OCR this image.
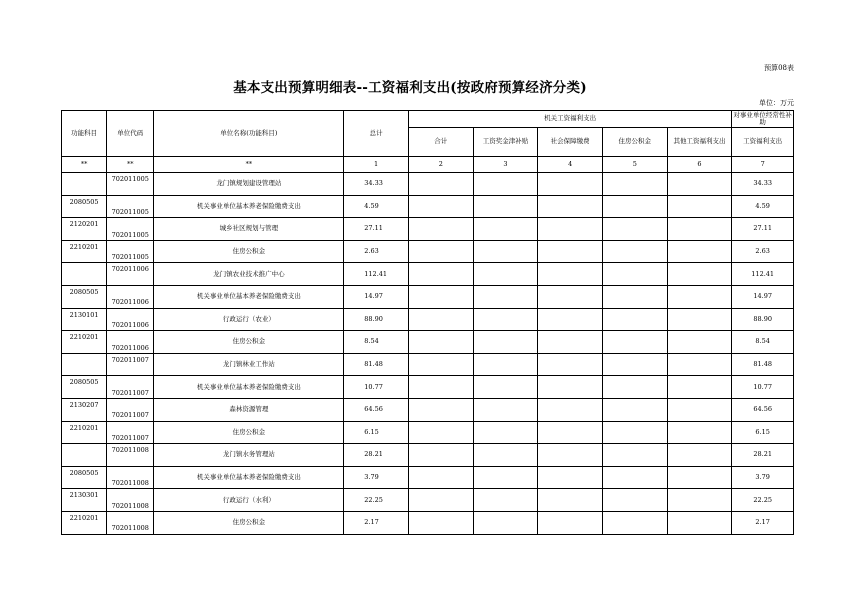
预算08表
基本支出预算明细表--工资福利支出(按政府预算经济分类)
单位：万元
功能科目	单位代码	单位名称(功能科目)	总计	机关工资福利支出					对事业单位经常性补助
				合计	工资奖金津补贴	社会保障缴费	住房公积金	其他工资福利支出	工资福利支出
**	**	**	1	2	3	4	5	6	7
	702011005	龙门镇规划建设管理站	34.33						34.33
2080505	702011005	机关事业单位基本养老保险缴费支出	4.59						4.59
2120201	702011005	城乡社区规划与管理	27.11						27.11
2210201	702011005	住房公积金	2.63						2.63
	702011006	龙门镇农业技术推广中心	112.41						112.41
2080505	702011006	机关事业单位基本养老保险缴费支出	14.97						14.97
2130101	702011006	行政运行（农业）	88.90						88.90
2210201	702011006	住房公积金	8.54						8.54
	702011007	龙门镇林业工作站	81.48						81.48
2080505	702011007	机关事业单位基本养老保险缴费支出	10.77						10.77
2130207	702011007	森林资源管理	64.56						64.56
2210201	702011007	住房公积金	6.15						6.15
	702011008	龙门镇水务管理站	28.21						28.21
2080505	702011008	机关事业单位基本养老保险缴费支出	3.79						3.79
2130301	702011008	行政运行（水利）	22.25						22.25
2210201	702011008	住房公积金	2.17						2.17
